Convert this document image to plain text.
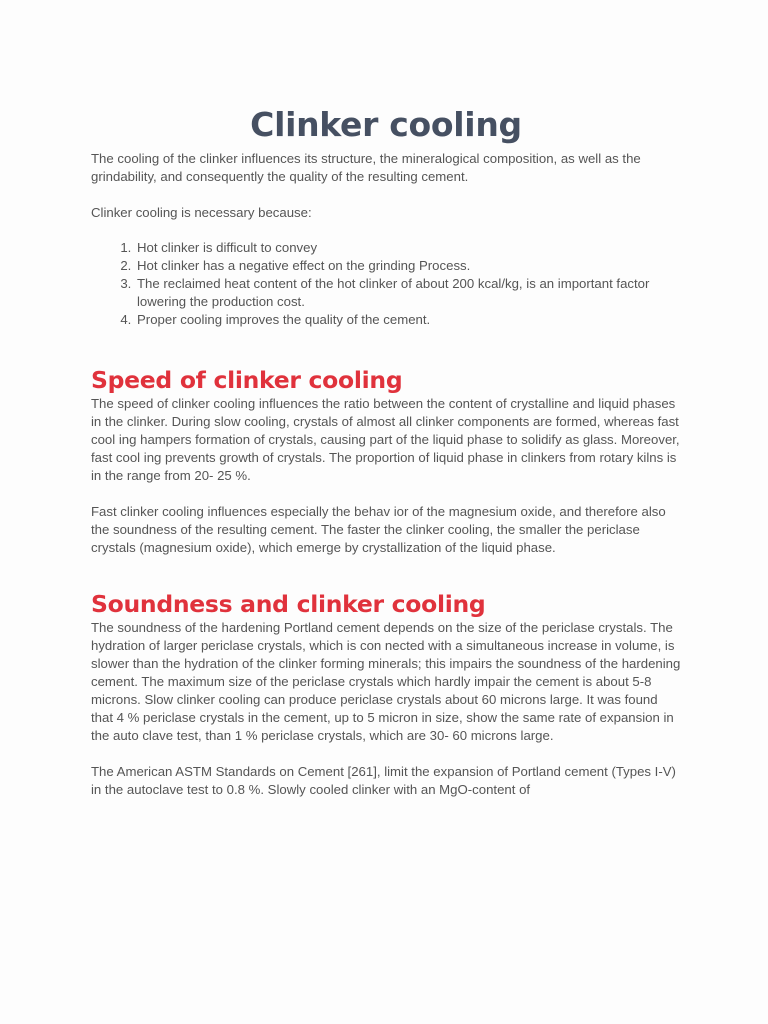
Clinker cooling

The cooling of the clinker influences its structure, the mineralogical composition, as well as the grindability, and consequently the quality of the resulting cement.

Clinker cooling is necessary because:

1. Hot clinker is difficult to convey
2. Hot clinker has a negative effect on the grinding Process.
3. The reclaimed heat content of the hot clinker of about 200 kcal/kg, is an important factor lowering the production cost.
4. Proper cooling improves the quality of the cement.
Speed of clinker cooling

The speed of clinker cooling influences the ratio between the content of crystalline and liquid phases in the clinker. During slow cooling, crystals of almost all clinker components are formed, whereas fast cool ing hampers formation of crystals, causing part of the liquid phase to solidify as glass. Moreover, fast cool ing prevents growth of crystals. The proportion of liquid phase in clinkers from rotary kilns is in the range from 20- 25 %.

Fast clinker cooling influences especially the behav ior of the magnesium oxide, and therefore also the soundness of the resulting cement. The faster the clinker cooling, the smaller the periclase crystals (magnesium oxide), which emerge by crystallization of the liquid phase.

Soundness and clinker cooling

The soundness of the hardening Portland cement depends on the size of the periclase crystals. The hydration of larger periclase crystals, which is con nected with a simultaneous increase in volume, is slower than the hydration of the clinker forming minerals; this impairs the soundness of the hardening cement. The maximum size of the periclase crystals which hardly impair the cement is about 5-8 microns. Slow clinker cooling can produce periclase crystals about 60 microns large. It was found that 4 % periclase crystals in the cement, up to 5 micron in size, show the same rate of expansion in the auto clave test, than 1 % periclase crystals, which are 30- 60 microns large.

The American ASTM Standards on Cement [261], limit the expansion of Portland cement (Types I-V) in the autoclave test to 0.8 %. Slowly cooled clinker with an MgO-content of
